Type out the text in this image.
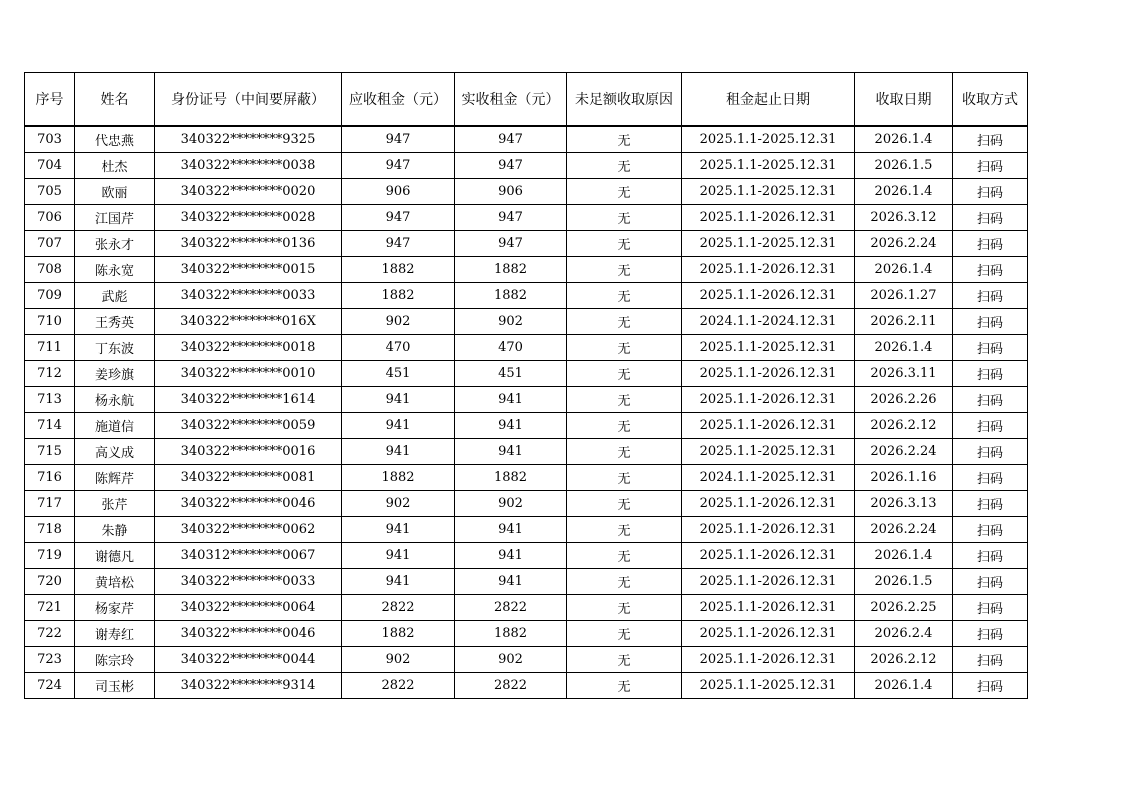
序号	姓名	身份证号（中间要屏蔽）	应收租金（元）	实收租金（元）	未足额收取原因	租金起止日期	收取日期	收取方式
703	代忠燕	340322********9325	947	947	无	2025.1.1-2025.12.31	2026.1.4	扫码
704	杜杰	340322********0038	947	947	无	2025.1.1-2025.12.31	2026.1.5	扫码
705	欧丽	340322********0020	906	906	无	2025.1.1-2025.12.31	2026.1.4	扫码
706	江国芹	340322********0028	947	947	无	2025.1.1-2026.12.31	2026.3.12	扫码
707	张永才	340322********0136	947	947	无	2025.1.1-2025.12.31	2026.2.24	扫码
708	陈永宽	340322********0015	1882	1882	无	2025.1.1-2026.12.31	2026.1.4	扫码
709	武彪	340322********0033	1882	1882	无	2025.1.1-2026.12.31	2026.1.27	扫码
710	王秀英	340322********016X	902	902	无	2024.1.1-2024.12.31	2026.2.11	扫码
711	丁东波	340322********0018	470	470	无	2025.1.1-2025.12.31	2026.1.4	扫码
712	姜珍旗	340322********0010	451	451	无	2025.1.1-2026.12.31	2026.3.11	扫码
713	杨永航	340322********1614	941	941	无	2025.1.1-2026.12.31	2026.2.26	扫码
714	施道信	340322********0059	941	941	无	2025.1.1-2026.12.31	2026.2.12	扫码
715	高义成	340322********0016	941	941	无	2025.1.1-2025.12.31	2026.2.24	扫码
716	陈辉芹	340322********0081	1882	1882	无	2024.1.1-2025.12.31	2026.1.16	扫码
717	张芹	340322********0046	902	902	无	2025.1.1-2026.12.31	2026.3.13	扫码
718	朱静	340322********0062	941	941	无	2025.1.1-2026.12.31	2026.2.24	扫码
719	谢德凡	340312********0067	941	941	无	2025.1.1-2026.12.31	2026.1.4	扫码
720	黄培松	340322********0033	941	941	无	2025.1.1-2026.12.31	2026.1.5	扫码
721	杨家芹	340322********0064	2822	2822	无	2025.1.1-2026.12.31	2026.2.25	扫码
722	谢寿红	340322********0046	1882	1882	无	2025.1.1-2026.12.31	2026.2.4	扫码
723	陈宗玲	340322********0044	902	902	无	2025.1.1-2026.12.31	2026.2.12	扫码
724	司玉彬	340322********9314	2822	2822	无	2025.1.1-2025.12.31	2026.1.4	扫码
